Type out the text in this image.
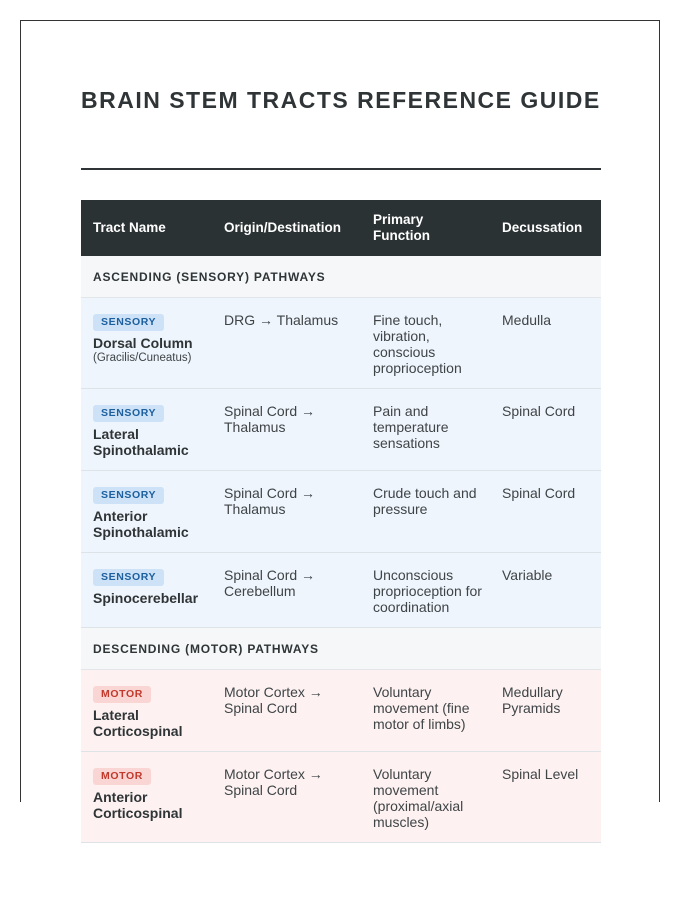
BRAIN STEM TRACTS REFERENCE GUIDE
Tract Name	Origin/Destination	Primary Function	Decussation
ASCENDING (SENSORY) PATHWAYS			
SENSORY
Dorsal Column
(Gracilis/Cuneatus)	DRG → Thalamus	Fine touch, vibration, conscious proprioception	Medulla
SENSORY
Lateral Spinothalamic	Spinal Cord → Thalamus	Pain and temperature sensations	Spinal Cord
SENSORY
Anterior Spinothalamic	Spinal Cord → Thalamus	Crude touch and pressure	Spinal Cord
SENSORY
Spinocerebellar	Spinal Cord → Cerebellum	Unconscious proprioception for coordination	Variable
DESCENDING (MOTOR) PATHWAYS			
MOTOR
Lateral Corticospinal	Motor Cortex → Spinal Cord	Voluntary movement (fine motor of limbs)	Medullary Pyramids
MOTOR
Anterior Corticospinal	Motor Cortex → Spinal Cord	Voluntary movement (proximal/axial muscles)	Spinal Level
